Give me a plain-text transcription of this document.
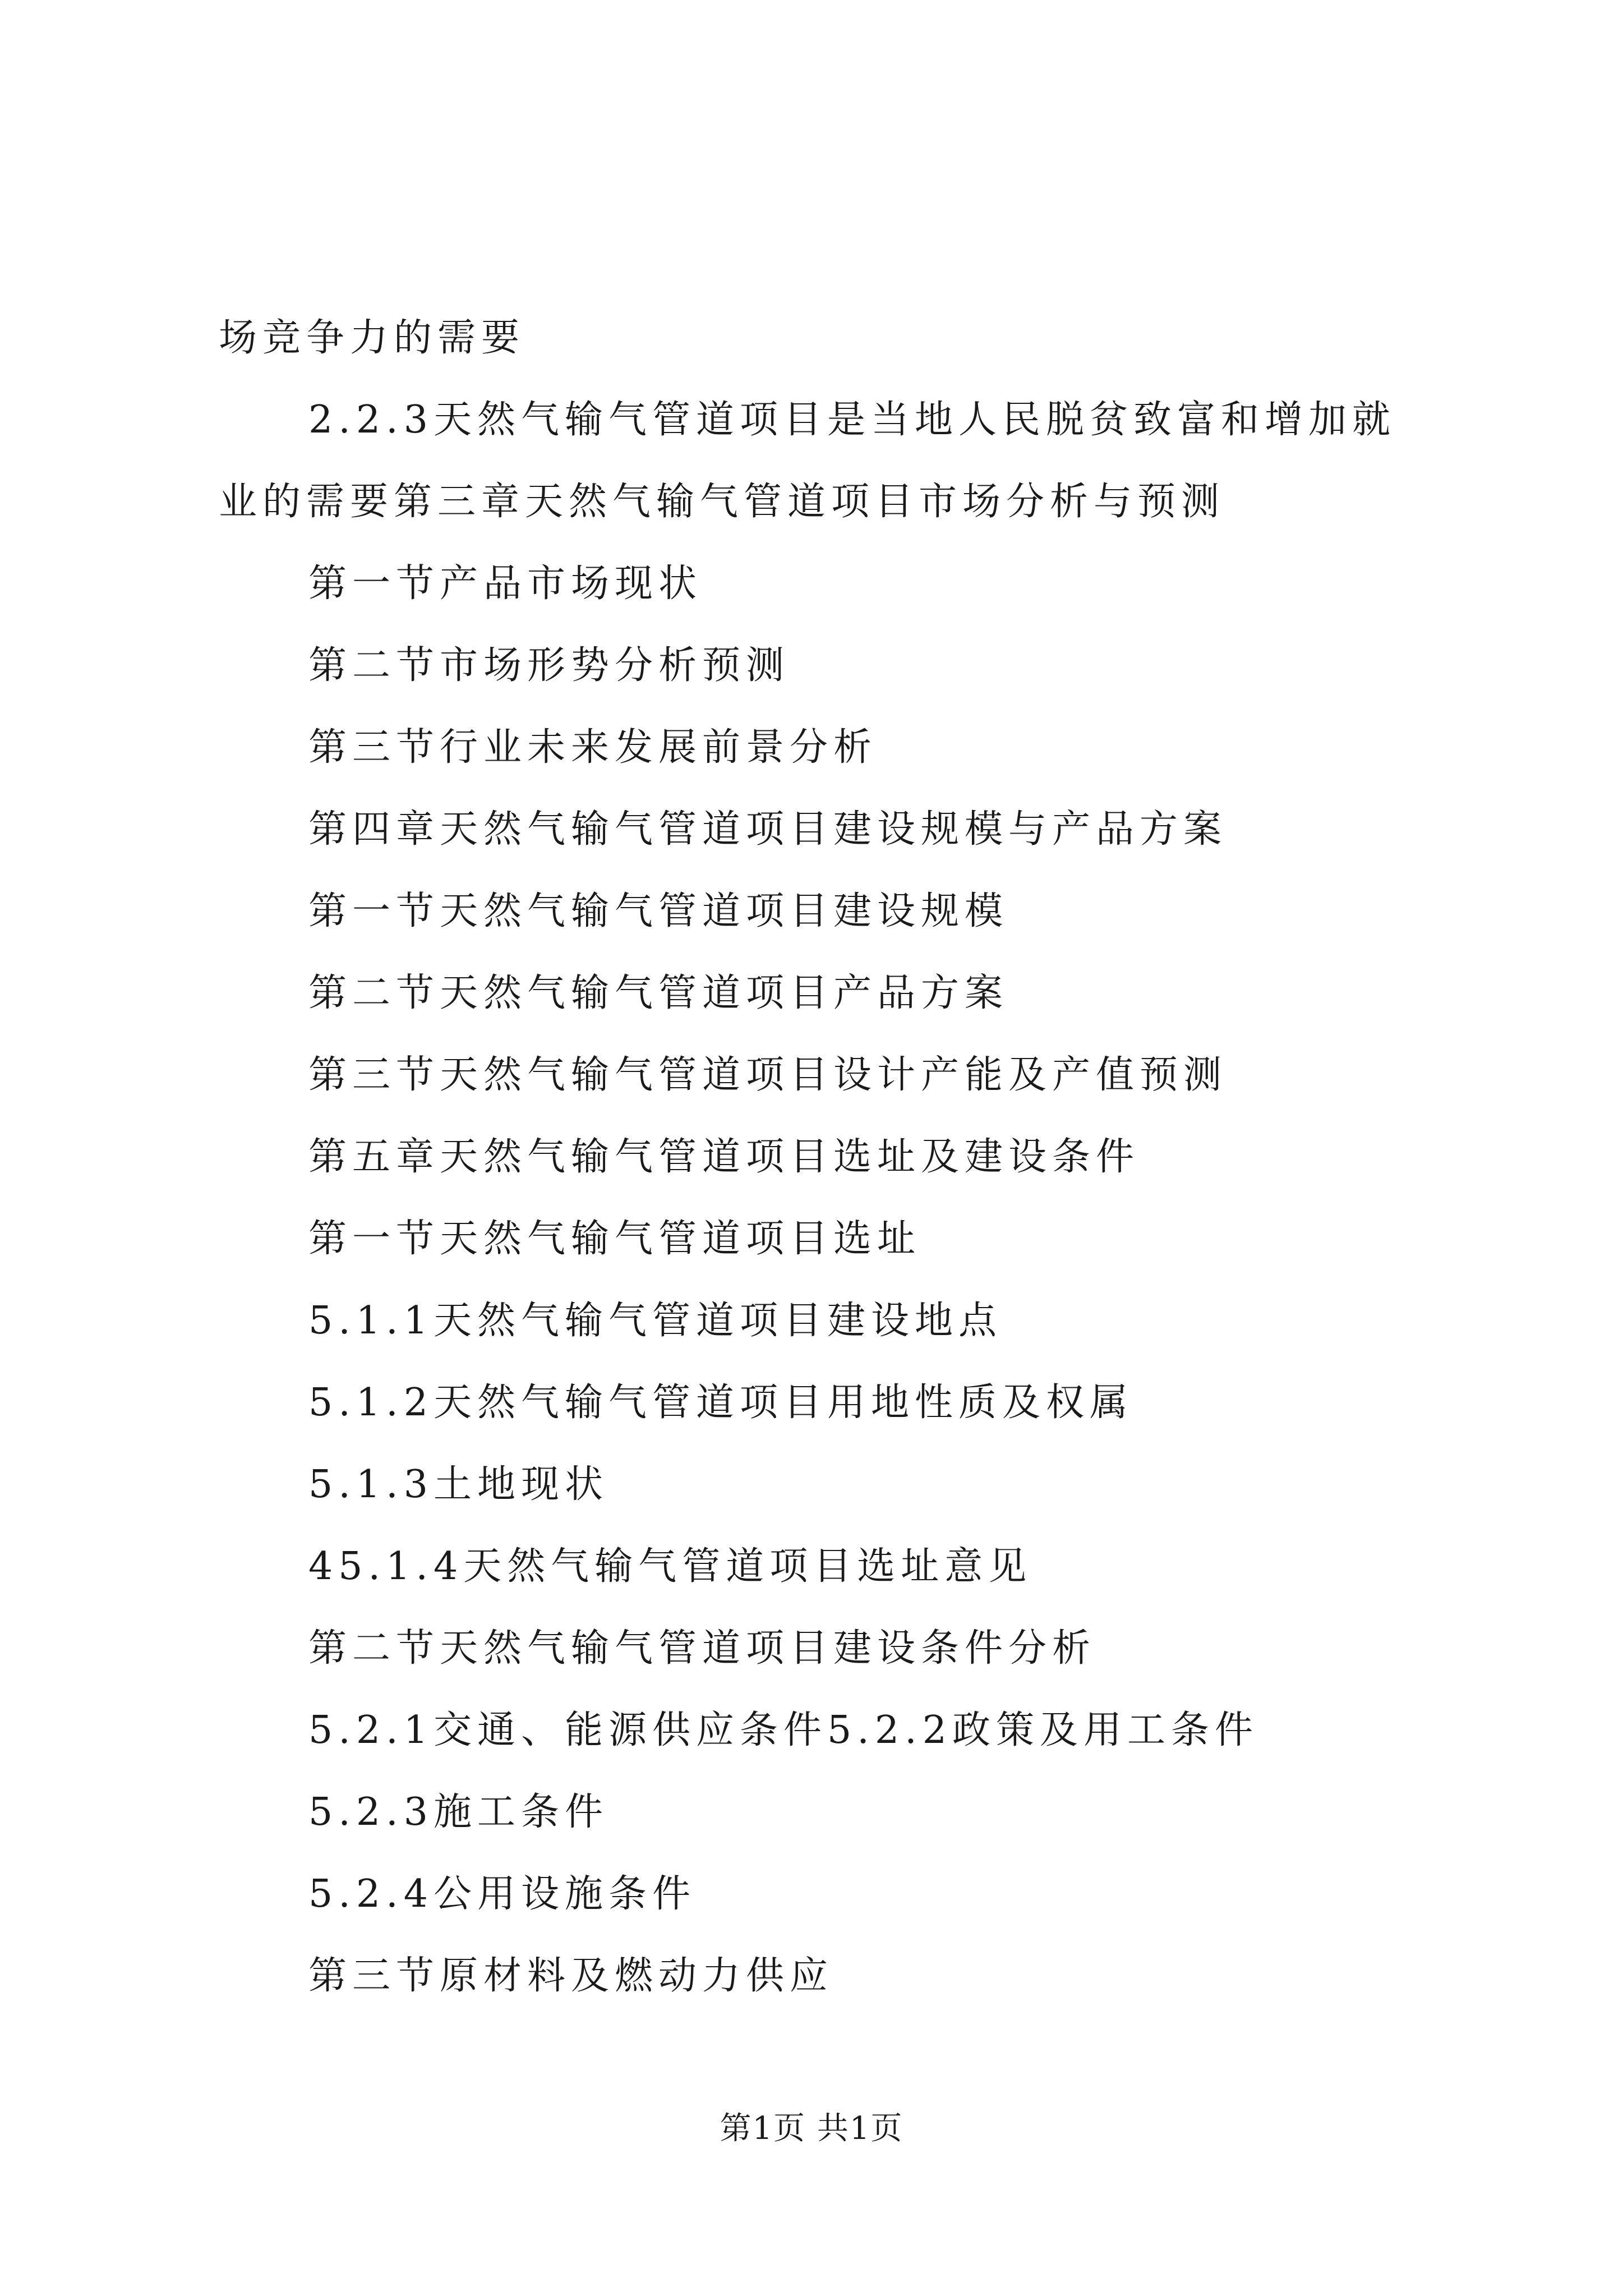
场竞争力的需要
2.2.3天然气输气管道项目是当地人民脱贫致富和增加就业的需要第三章天然气输气管道项目市场分析与预测
第一节产品市场现状
第二节市场形势分析预测
第三节行业未来发展前景分析
第四章天然气输气管道项目建设规模与产品方案
第一节天然气输气管道项目建设规模
第二节天然气输气管道项目产品方案
第三节天然气输气管道项目设计产能及产值预测
第五章天然气输气管道项目选址及建设条件
第一节天然气输气管道项目选址
5.1.1天然气输气管道项目建设地点
5.1.2天然气输气管道项目用地性质及权属
5.1.3土地现状
45.1.4天然气输气管道项目选址意见
第二节天然气输气管道项目建设条件分析
5.2.1交通、能源供应条件5.2.2政策及用工条件
5.2.3施工条件
5.2.4公用设施条件
第三节原材料及燃动力供应
第1页 共1页
